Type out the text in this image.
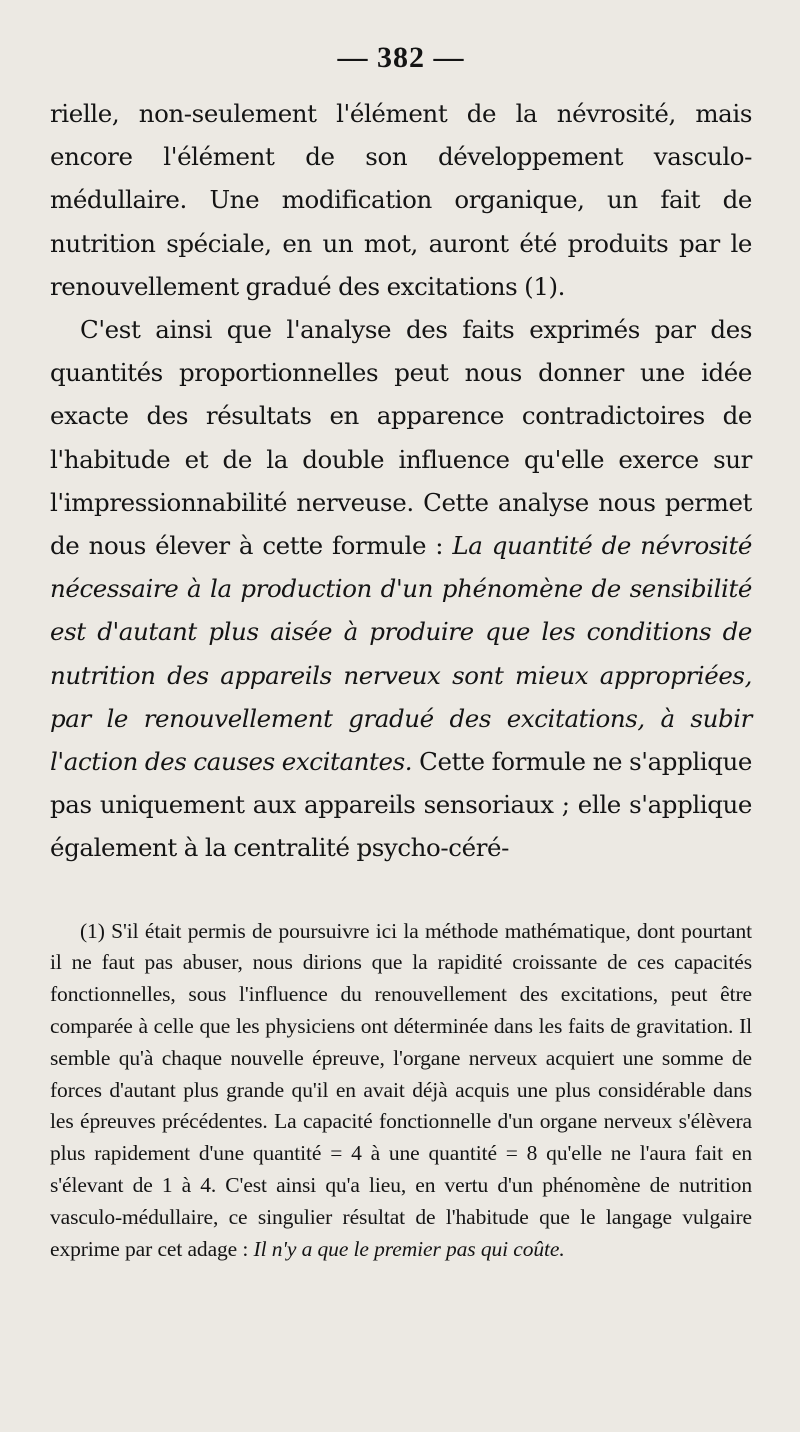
— 382 —

rielle, non-seulement l'élément de la névrosité, mais encore l'élément de son développement vasculo-médullaire. Une modification organique, un fait de nutrition spéciale, en un mot, auront été produits par le renouvellement gradué des excitations (1).

C'est ainsi que l'analyse des faits exprimés par des quantités proportionnelles peut nous donner une idée exacte des résultats en apparence contradictoires de l'habitude et de la double influence qu'elle exerce sur l'impressionnabilité nerveuse. Cette analyse nous permet de nous élever à cette formule : La quantité de névrosité nécessaire à la production d'un phénomène de sensibilité est d'autant plus aisée à produire que les conditions de nutrition des appareils nerveux sont mieux appropriées, par le renouvellement gradué des excitations, à subir l'action des causes excitantes. Cette formule ne s'applique pas uniquement aux appareils sensoriaux ; elle s'applique également à la centralité psycho-céré-

(1) S'il était permis de poursuivre ici la méthode mathématique, dont pourtant il ne faut pas abuser, nous dirions que la rapidité croissante de ces capacités fonctionnelles, sous l'influence du renouvellement des excitations, peut être comparée à celle que les physiciens ont déterminée dans les faits de gravitation. Il semble qu'à chaque nouvelle épreuve, l'organe nerveux acquiert une somme de forces d'autant plus grande qu'il en avait déjà acquis une plus considérable dans les épreuves précédentes. La capacité fonctionnelle d'un organe nerveux s'élèvera plus rapidement d'une quantité = 4 à une quantité = 8 qu'elle ne l'aura fait en s'élevant de 1 à 4. C'est ainsi qu'a lieu, en vertu d'un phénomène de nutrition vasculo-médullaire, ce singulier résultat de l'habitude que le langage vulgaire exprime par cet adage : Il n'y a que le premier pas qui coûte.
